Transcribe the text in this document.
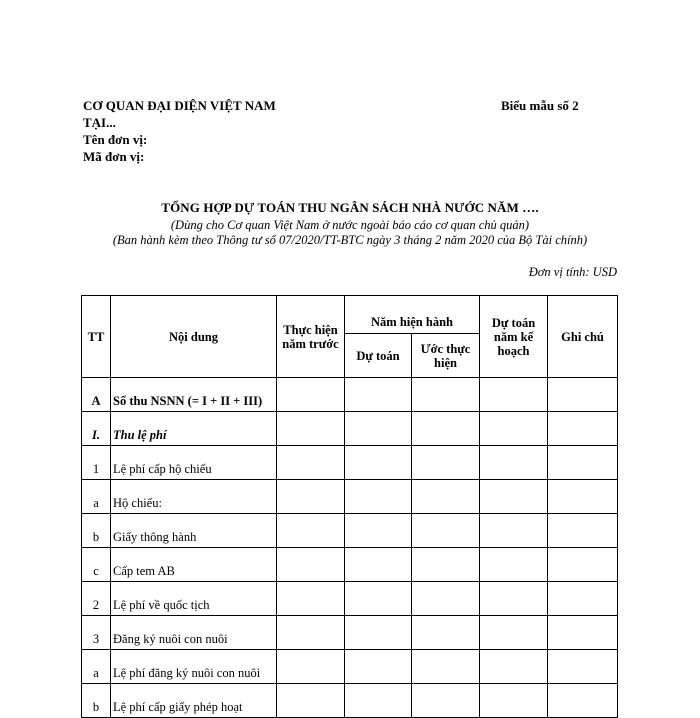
CƠ QUAN ĐẠI DIỆN VIỆT NAM
TẠI...
Tên đơn vị:
Mã đơn vị:
Biểu mẫu số 2
TỔNG HỢP DỰ TOÁN THU NGÂN SÁCH NHÀ NƯỚC NĂM ….
(Dùng cho Cơ quan Việt Nam ở nước ngoài báo cáo cơ quan chủ quản)
(Ban hành kèm theo Thông tư số 07/2020/TT-BTC ngày 3 tháng 2 năm 2020 của Bộ Tài chính)
Đơn vị tính: USD
TT	Nội dung	Thực hiện năm trước	Năm hiện hành		Dự toán năm kế hoạch	Ghi chú
			Dự toán	Ước thực hiện		
A	Số thu NSNN (= I + II + III)					
I.	Thu lệ phí					
1	Lệ phí cấp hộ chiếu					
a	Hộ chiếu:					
b	Giấy thông hành					
c	Cấp tem AB					
2	Lệ phí về quốc tịch					
3	Đăng ký nuôi con nuôi					
a	Lệ phí đăng ký nuôi con nuôi					
b	Lệ phí cấp giấy phép hoạt					
